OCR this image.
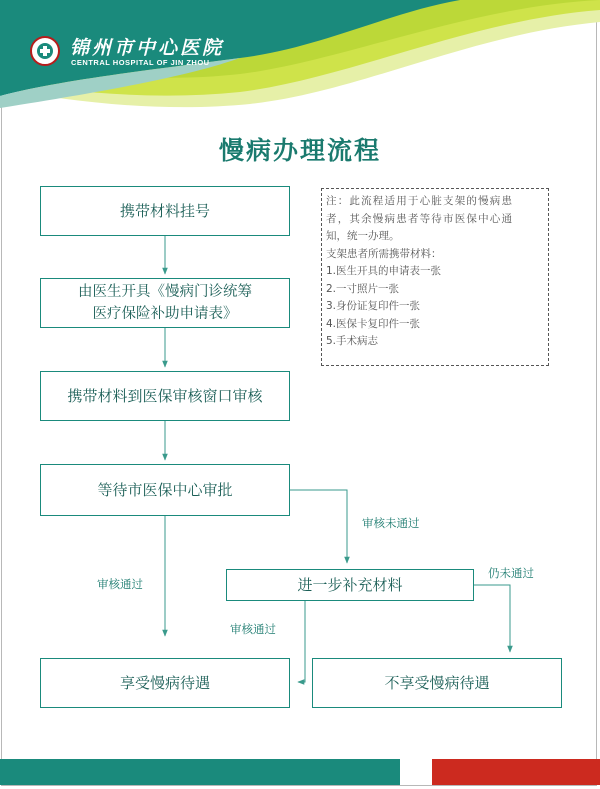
锦州市中心医院
CENTRAL HOSPITAL OF JIN ZHOU
慢病办理流程
携带材料挂号
由医生开具《慢病门诊统筹
医疗保险补助申请表》
携带材料到医保审核窗口审核
等待市医保中心审批
进一步补充材料
享受慢病待遇	不享受慢病待遇
审核未通过
审核通过
审核通过
仍未通过
注：此流程适用于心脏支架的慢病患
者，其余慢病患者等待市医保中心通
知，统一办理。
支架患者所需携带材料：
1.医生开具的申请表一张
2.一寸照片一张
3.身份证复印件一张
4.医保卡复印件一张
5.手术病志
